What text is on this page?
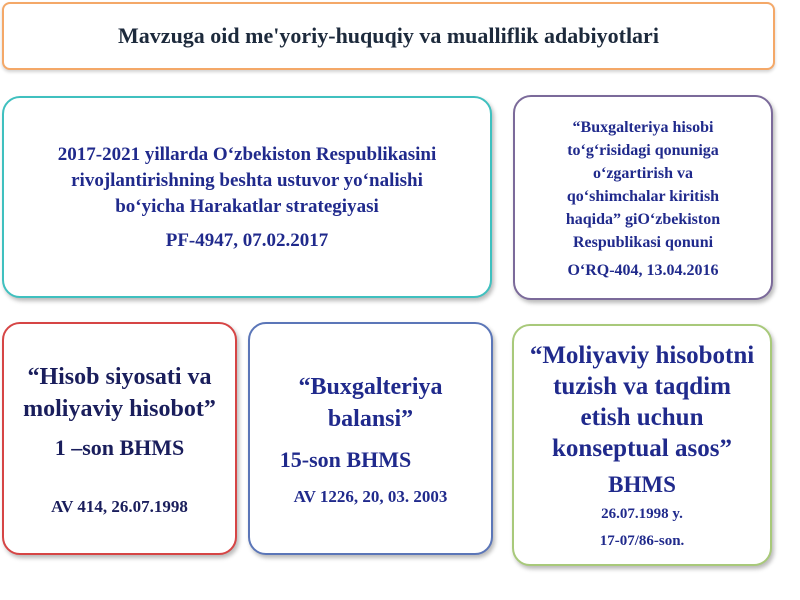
Mavzuga oid me'yoriy-huquqiy va mualliflik adabiyotlari
2017-2021 yillarda O‘zbekiston Respublikasini
rivojlantirishning beshta ustuvor yo‘nalishi
bo‘yicha Harakatlar strategiyasi
PF-4947, 07.02.2017
“Buxgalteriya hisobi
to‘g‘risidagi qonuniga
o‘zgartirish va
qo‘shimchalar kiritish
haqida” giO‘zbekiston
Respublikasi qonuni
O‘RQ-404, 13.04.2016
“Hisob siyosati va
moliyaviy hisobot”
1 –son BHMS
AV 414, 26.07.1998
“Buxgalteriya
balansi”
15-son BHMS
AV 1226, 20, 03. 2003
“Moliyaviy hisobotni
tuzish va taqdim
etish uchun
konseptual asos”
BHMS
26.07.1998 y.
17-07/86-son.
